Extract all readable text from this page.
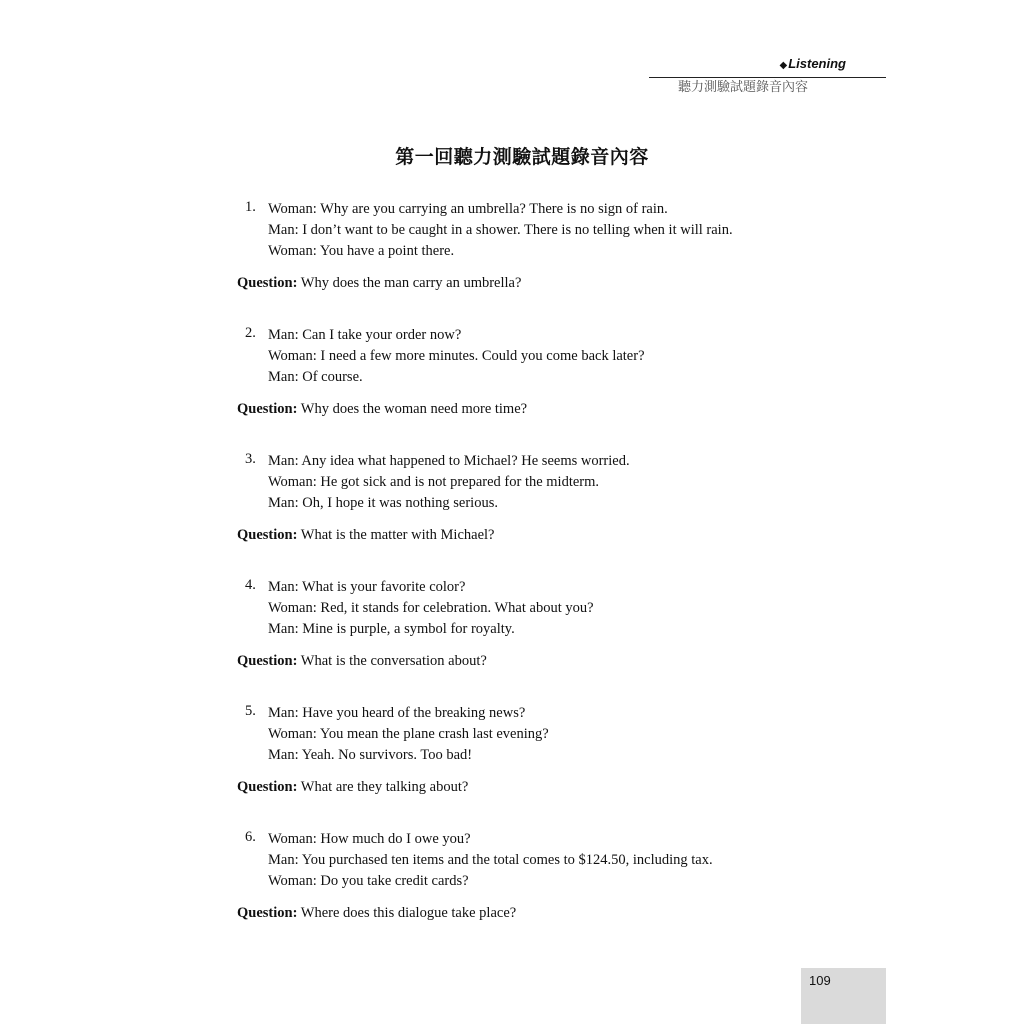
◆Listening
聽力測驗試題錄音內容
第一回聽力測驗試題錄音內容
1. Woman: Why are you carrying an umbrella? There is no sign of rain.
Man: I don’t want to be caught in a shower. There is no telling when it will rain.
Woman: You have a point there.
Question: Why does the man carry an umbrella?
2. Man: Can I take your order now?
Woman: I need a few more minutes. Could you come back later?
Man: Of course.
Question: Why does the woman need more time?
3. Man: Any idea what happened to Michael? He seems worried.
Woman: He got sick and is not prepared for the midterm.
Man: Oh, I hope it was nothing serious.
Question: What is the matter with Michael?
4. Man: What is your favorite color?
Woman: Red, it stands for celebration. What about you?
Man: Mine is purple, a symbol for royalty.
Question: What is the conversation about?
5. Man: Have you heard of the breaking news?
Woman: You mean the plane crash last evening?
Man: Yeah. No survivors. Too bad!
Question: What are they talking about?
6. Woman: How much do I owe you?
Man: You purchased ten items and the total comes to $124.50, including tax.
Woman: Do you take credit cards?
Question: Where does this dialogue take place?
109
